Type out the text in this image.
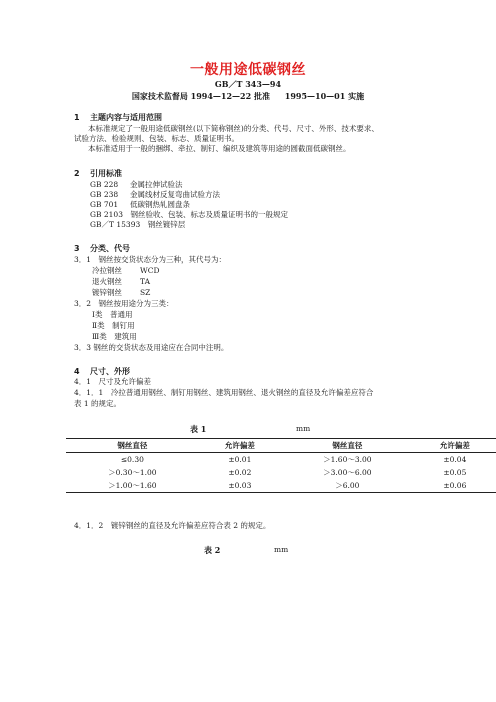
一般用途低碳钢丝
GB／T 343—94
国家技术监督局 1994—12—22 批准 1995—10—01 实施
1 主题内容与适用范围
本标准规定了一般用途低碳钢丝(以下简称钢丝)的分类、代号、尺寸、外形、技术要求、
试验方法、检验规则、包装、标志、质量证明书。
本标准适用于一般的捆绑、牵拉、制钉、编织及建筑等用途的圆截面低碳钢丝。
2 引用标准
GB 228 金属拉伸试验法
GB 238 金属线材反复弯曲试验方法
GB 701 低碳钢热轧圆盘条
GB 2103　 钢丝验收、包装、标志及质量证明书的一般规定
GB／T 15393　 钢丝镀锌层
3 分类、代号
3．1　钢丝按交货状态分为三种，其代号为：
冷拉钢丝 WCD
退火钢丝 TA
镀锌钢丝 SZ
3．2　钢丝按用途分为三类：
Ⅰ类　普通用
Ⅱ类　制钉用
Ⅲ类　建筑用
3．3 钢丝的交货状态及用途应在合同中注明。
4 尺寸、外形
4．1　尺寸及允许偏差
4．1．1　冷拉普通用钢丝、制钉用钢丝、建筑用钢丝、退火钢丝的直径及允许偏差应符合
表 1 的规定。
表 1	mm
钢丝直径	允许偏差	钢丝直径	允许偏差
≤0.30	±0.01	＞1.60～3.00	±0.04
＞0.30～1.00	±0.02	＞3.00～6.00	±0.05
＞1.00～1.60	±0.03	＞6.00	±0.06
4．1．2　镀锌钢丝的直径及允许偏差应符合表 2 的规定。
表 2	mm
